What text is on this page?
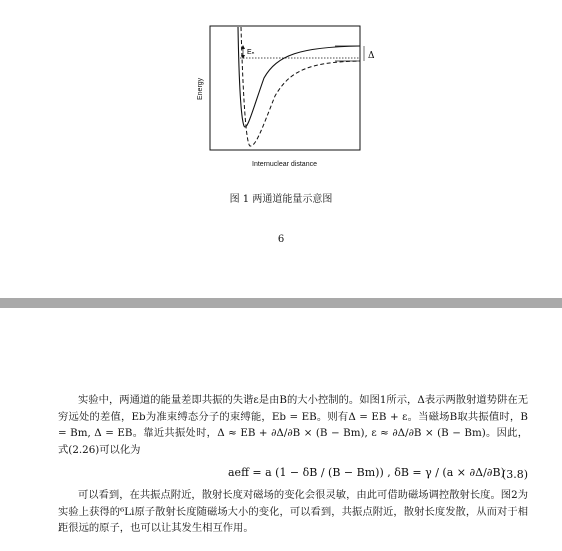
Δ
Eₙ
Energy
Internuclear distance
图 1 两通道能量示意图
6
实验中，两通道的能量差即共振的失谐ε是由B的大小控制的。如图1所示，Δ表示两散射道势阱在无穷远处的差值，Eb为准束缚态分子的束缚能，Eb = EB。则有Δ = EB + ε。当磁场B取共振值时，B = Bm, Δ = EB。靠近共振处时，Δ ≈ EB + ∂Δ/∂B × (B − Bm), ε ≈ ∂Δ/∂B × (B − Bm)。因此，式(2.26)可以化为
aeff = a (1 − δB / (B − Bm)) , δB = γ / (a × ∂Δ/∂B)
(3.8)
可以看到，在共振点附近，散射长度对磁场的变化会很灵敏，由此可借助磁场调控散射长度。图2为实验上获得的⁶Li原子散射长度随磁场大小的变化，可以看到，共振点附近，散射长度发散，从而对于相距很远的原子，也可以让其发生相互作用。
